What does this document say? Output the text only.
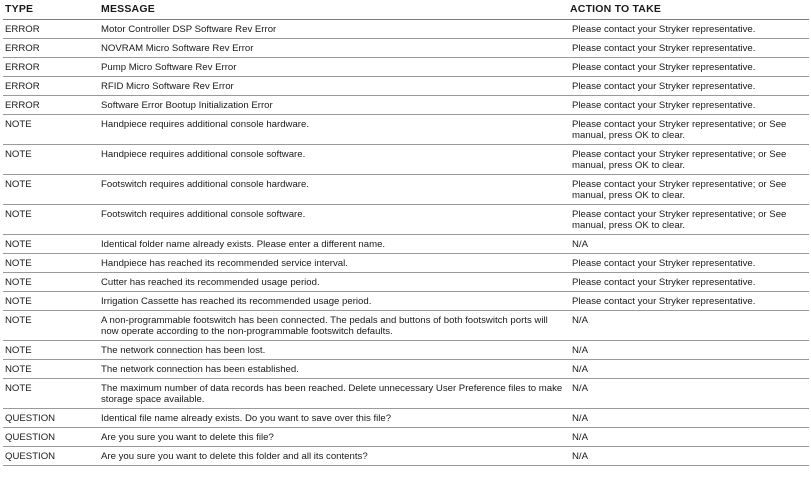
TYPE	MESSAGE	ACTION TO TAKE
ERROR	Motor Controller DSP Software Rev Error	Please contact your Stryker representative.
ERROR	NOVRAM Micro Software Rev Error	Please contact your Stryker representative.
ERROR	Pump Micro Software Rev Error	Please contact your Stryker representative.
ERROR	RFID Micro Software Rev Error	Please contact your Stryker representative.
ERROR	Software Error Bootup Initialization Error	Please contact your Stryker representative.
NOTE	Handpiece requires additional console hardware.	Please contact your Stryker representative; or See manual, press OK to clear.
NOTE	Handpiece requires additional console software.	Please contact your Stryker representative; or See manual, press OK to clear.
NOTE	Footswitch requires additional console hardware.	Please contact your Stryker representative; or See manual, press OK to clear.
NOTE	Footswitch requires additional console software.	Please contact your Stryker representative; or See manual, press OK to clear.
NOTE	Identical folder name already exists. Please enter a different name.	N/A
NOTE	Handpiece has reached its recommended service interval.	Please contact your Stryker representative.
NOTE	Cutter has reached its recommended usage period.	Please contact your Stryker representative.
NOTE	Irrigation Cassette has reached its recommended usage period.	Please contact your Stryker representative.
NOTE	A non-programmable footswitch has been connected. The pedals and buttons of both footswitch ports will now operate according to the non-programmable footswitch defaults.	N/A
NOTE	The network connection has been lost.	N/A
NOTE	The network connection has been established.	N/A
NOTE	The maximum number of data records has been reached. Delete unnecessary User Preference files to make storage space available.	N/A
QUESTION	Identical file name already exists. Do you want to save over this file?	N/A
QUESTION	Are you sure you want to delete this file?	N/A
QUESTION	Are you sure you want to delete this folder and all its contents?	N/A
